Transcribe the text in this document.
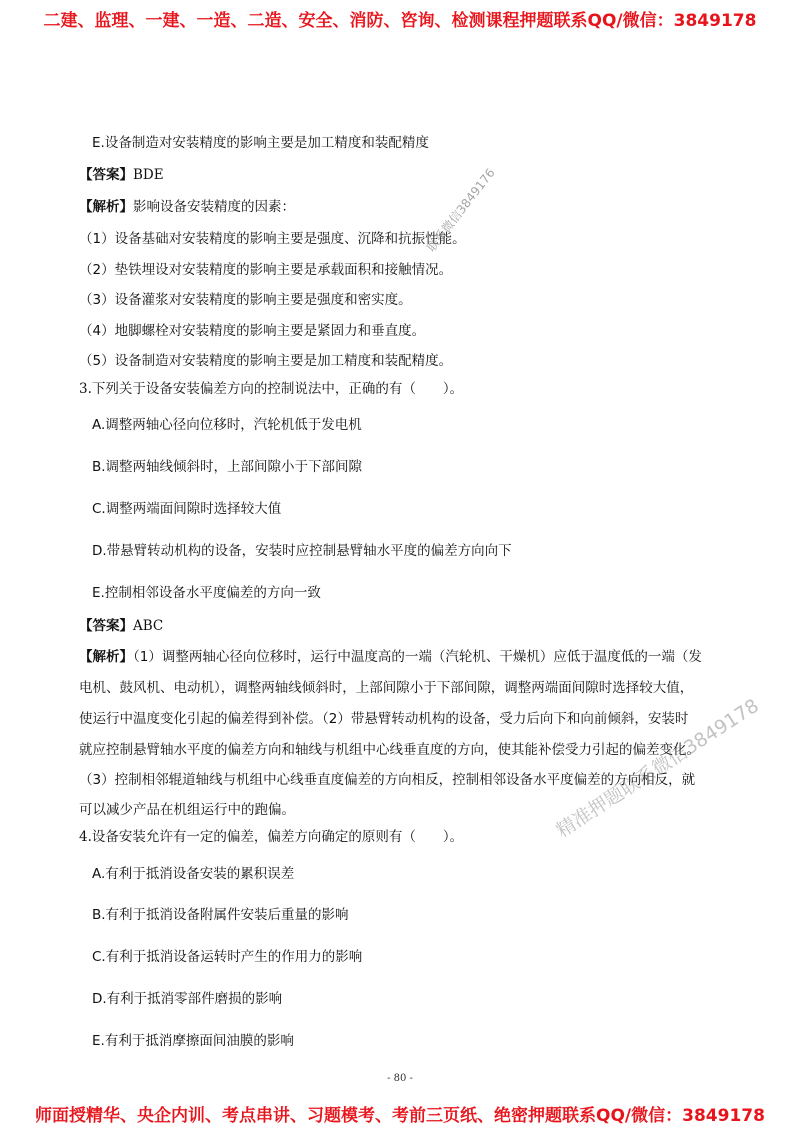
二建、监理、一建、一造、二造、安全、消防、咨询、检测课程押题联系QQ/微信：3849178
E.设备制造对安装精度的影响主要是加工精度和装配精度
【答案】BDE
【解析】影响设备安装精度的因素：
（1）设备基础对安装精度的影响主要是强度、沉降和抗振性能。
（2）垫铁埋设对安装精度的影响主要是承载面积和接触情况。
（3）设备灌浆对安装精度的影响主要是强度和密实度。
（4）地脚螺栓对安装精度的影响主要是紧固力和垂直度。
（5）设备制造对安装精度的影响主要是加工精度和装配精度。
3.下列关于设备安装偏差方向的控制说法中，正确的有（　　）。
A.调整两轴心径向位移时，汽轮机低于发电机
B.调整两轴线倾斜时，上部间隙小于下部间隙
C.调整两端面间隙时选择较大值
D.带悬臂转动机构的设备，安装时应控制悬臂轴水平度的偏差方向向下
E.控制相邻设备水平度偏差的方向一致
【答案】ABC
【解析】（1）调整两轴心径向位移时，运行中温度高的一端（汽轮机、干燥机）应低于温度低的一端（发
电机、鼓风机、电动机），调整两轴线倾斜时，上部间隙小于下部间隙，调整两端面间隙时选择较大值，
使运行中温度变化引起的偏差得到补偿。（2）带悬臂转动机构的设备，受力后向下和向前倾斜，安装时
就应控制悬臂轴水平度的偏差方向和轴线与机组中心线垂直度的方向，使其能补偿受力引起的偏差变化。
（3）控制相邻辊道轴线与机组中心线垂直度偏差的方向相反，控制相邻设备水平度偏差的方向相反，就
可以减少产品在机组运行中的跑偏。
4.设备安装允许有一定的偏差，偏差方向确定的原则有（　　）。
A.有利于抵消设备安装的累积误差
B.有利于抵消设备附属件安装后重量的影响
C.有利于抵消设备运转时产生的作用力的影响
D.有利于抵消零部件磨损的影响
E.有利于抵消摩擦面间油膜的影响
联系微信3849176
精准押题联系微信3849178
- 80 -
师面授精华、央企内训、考点串讲、习题模考、考前三页纸、绝密押题联系QQ/微信：3849178
